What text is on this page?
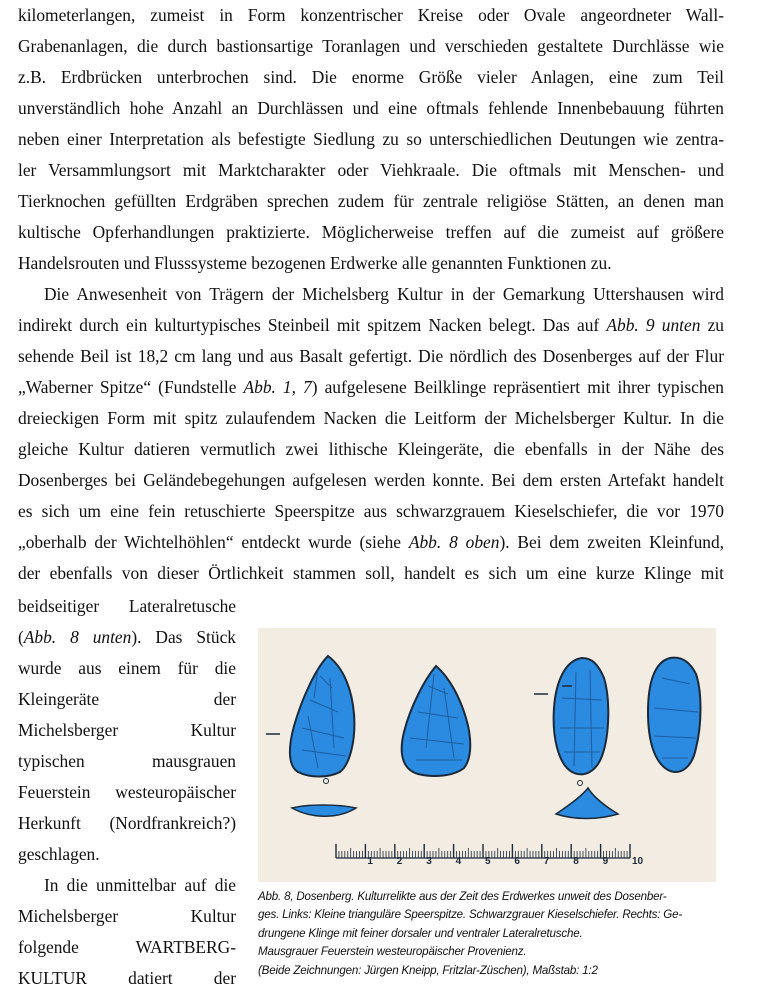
kilometerlangen, zumeist in Form konzentrischer Kreise oder Ovale angeordneter Wall-
Grabenanlagen, die durch bastionsartige Toranlagen und verschieden gestaltete Durchlässe wie
z.B. Erdbrücken unterbrochen sind. Die enorme Größe vieler Anlagen, eine zum Teil
unverständlich hohe Anzahl an Durchlässen und eine oftmals fehlende Innenbebauung führten
neben einer Interpretation als befestigte Siedlung zu so unterschiedlichen Deutungen wie zentra-
ler Versammlungsort mit Marktcharakter oder Viehkraale. Die oftmals mit Menschen- und
Tierknochen gefüllten Erdgräben sprechen zudem für zentrale religiöse Stätten, an denen man
kultische Opferhandlungen praktizierte. Möglicherweise treffen auf die zumeist auf größere
Handelsrouten und Flusssysteme bezogenen Erdwerke alle genannten Funktionen zu.
Die Anwesenheit von Trägern der Michelsberg Kultur in der Gemarkung Uttershausen wird
indirekt durch ein kulturtypisches Steinbeil mit spitzem Nacken belegt. Das auf Abb. 9 unten zu
sehende Beil ist 18,2 cm lang und aus Basalt gefertigt. Die nördlich des Dosenberges auf der Flur
„Waberner Spitze“ (Fundstelle Abb. 1, 7) aufgelesene Beilklinge repräsentiert mit ihrer typischen
dreieckigen Form mit spitz zulaufendem Nacken die Leitform der Michelsberger Kultur. In die
gleiche Kultur datieren vermutlich zwei lithische Kleingeräte, die ebenfalls in der Nähe des
Dosenberges bei Geländebegehungen aufgelesen werden konnte. Bei dem ersten Artefakt handelt
es sich um eine fein retuschierte Speerspitze aus schwarzgrauem Kieselschiefer, die vor 1970
„oberhalb der Wichtelhöhlen“ entdeckt wurde (siehe Abb. 8 oben). Bei dem zweiten Kleinfund,
der ebenfalls von dieser Örtlichkeit stammen soll, handelt es sich um eine kurze Klinge mit
beidseitiger Lateralretusche
(Abb. 8 unten). Das Stück
wurde aus einem für die
Kleingeräte der
Michelsberger Kultur
typischen mausgrauen
Feuerstein westeuropäischer
Herkunft (Nordfrankreich?)
geschlagen.
In die unmittelbar auf die
Michelsberger Kultur
folgende WARTBERG-
KULTUR datiert der
1 2 3 4 5 6 7 8 9 10
Abb. 8, Dosenberg. Kulturrelikte aus der Zeit des Erdwerkes unweit des Dosenber-
ges. Links: Kleine trianguläre Speerspitze. Schwarzgrauer Kieselschiefer. Rechts: Ge-
drungene Klinge mit feiner dorsaler und ventraler Lateralretusche.
Mausgrauer Feuerstein westeuropäischer Provenienz.
(Beide Zeichnungen: Jürgen Kneipp, Fritzlar-Züschen), Maßstab: 1:2
